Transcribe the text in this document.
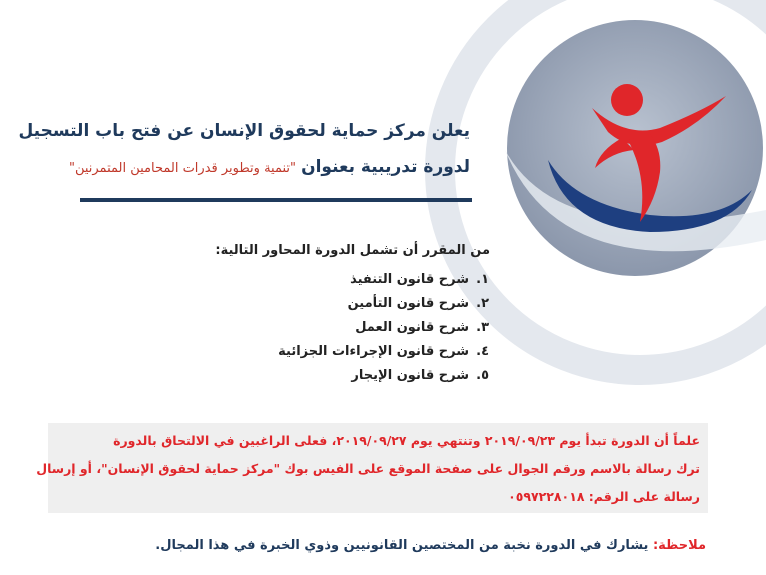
يعلن مركز حماية لحقوق الإنسان عن فتح باب التسجيل
لدورة تدريبية بعنوان "تنمية وتطوير قدرات المحامين المتمرنين"
من المقرر أن تشمل الدورة المحاور التالية:
١.شرح قانون التنفيذ
٢.شرح قانون التأمين
٣.شرح قانون العمل
٤.شرح قانون الإجراءات الجزائية
٥.شرح قانون الإيجار

علماً أن الدورة تبدأ يوم ٢٠١٩/٠٩/٢٣ وتنتهي يوم ٢٠١٩/٠٩/٢٧، فعلى الراغبين في الالتحاق بالدورة

ترك رسالة بالاسم ورقم الجوال على صفحة الموقع على الفيس بوك "مركز حماية لحقوق الإنسان"، أو إرسال

رسالة على الرقم: ٠٥٩٧٢٢٨٠١٨

ملاحظة: يشارك في الدورة نخبة من المختصين القانونيين وذوي الخبرة في هذا المجال.
